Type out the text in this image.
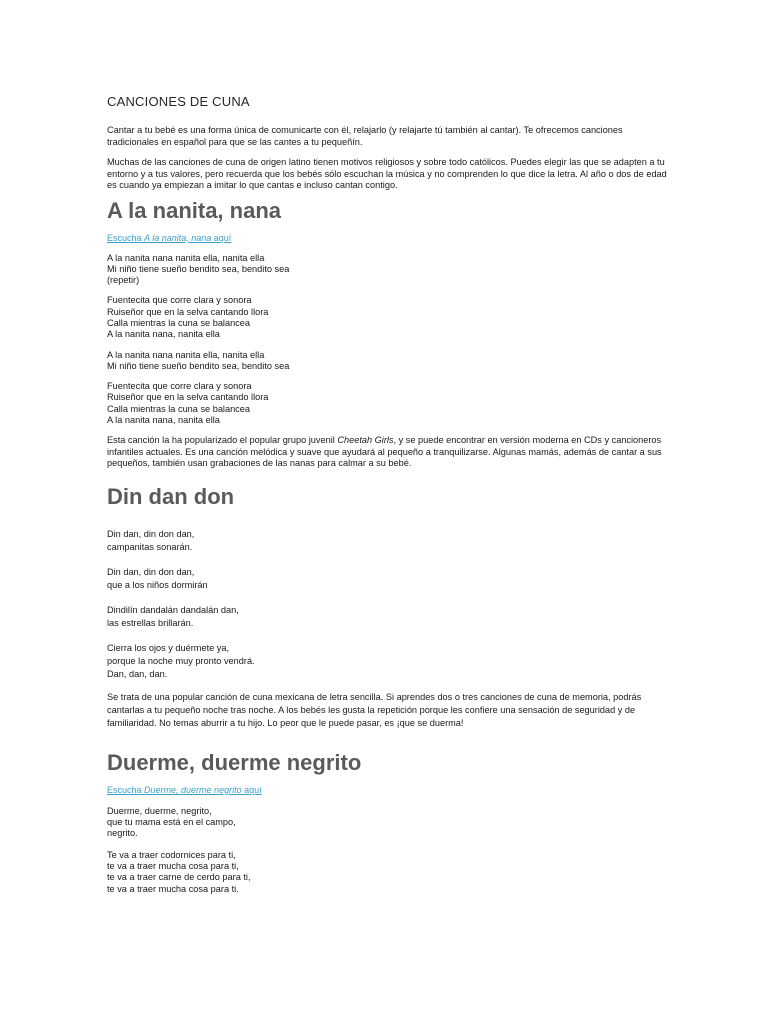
CANCIONES DE CUNA

Cantar a tu bebé es una forma única de comunicarte con él, relajarlo (y relajarte tú también al cantar). Te ofrecemos canciones tradicionales en español para que se las cantes a tu pequeñín.

Muchas de las canciones de cuna de origen latino tienen motivos religiosos y sobre todo católicos. Puedes elegir las que se adapten a tu entorno y a tus valores, pero recuerda que los bebés sólo escuchan la música y no comprenden lo que dice la letra. Al año o dos de edad es cuando ya empiezan a imitar lo que cantas e incluso cantan contigo.

A la nanita, nana
Escucha A la nanita, nana aquí
A la nanita nana nanita ella, nanita ella
Mi niño tiene sueño bendito sea, bendito sea
(repetir)
Fuentecita que corre clara y sonora
Ruiseñor que en la selva cantando llora
Calla mientras la cuna se balancea
A la nanita nana, nanita ella
A la nanita nana nanita ella, nanita ella
Mi niño tiene sueño bendito sea, bendito sea
Fuentecita que corre clara y sonora
Ruiseñor que en la selva cantando llora
Calla mientras la cuna se balancea
A la nanita nana, nanita ella

Esta canción la ha popularizado el popular grupo juvenil Cheetah Girls, y se puede encontrar en versión moderna en CDs y cancioneros infantiles actuales. Es una canción melódica y suave que ayudará al pequeño a tranquilizarse. Algunas mamás, además de cantar a sus pequeños, también usan grabaciones de las nanas para calmar a su bebé.

Din dan don
Din dan, din don dan,
campanitas sonarán.
Din dan, din don dan,
que a los niños dormirán
Dindilín dandalán dandalán dan,
las estrellas brillarán.
Cierra los ojos y duérmete ya,
porque la noche muy pronto vendrá.
Dan, dan, dan.

Se trata de una popular canción de cuna mexicana de letra sencilla. Si aprendes dos o tres canciones de cuna de memoria, podrás cantarlas a tu pequeño noche tras noche. A los bebés les gusta la repetición porque les confiere una sensación de seguridad y de familiaridad. No temas aburrir a tu hijo. Lo peor que le puede pasar, es ¡que se duerma!

Duerme, duerme negrito
Escucha Duerme, duerme negrito aquí
Duerme, duerme, negrito,
que tu mama está en el campo,
negrito.
Te va a traer codornices para ti,
te va a traer mucha cosa para ti,
te va a traer carne de cerdo para ti,
te va a traer mucha cosa para ti.
